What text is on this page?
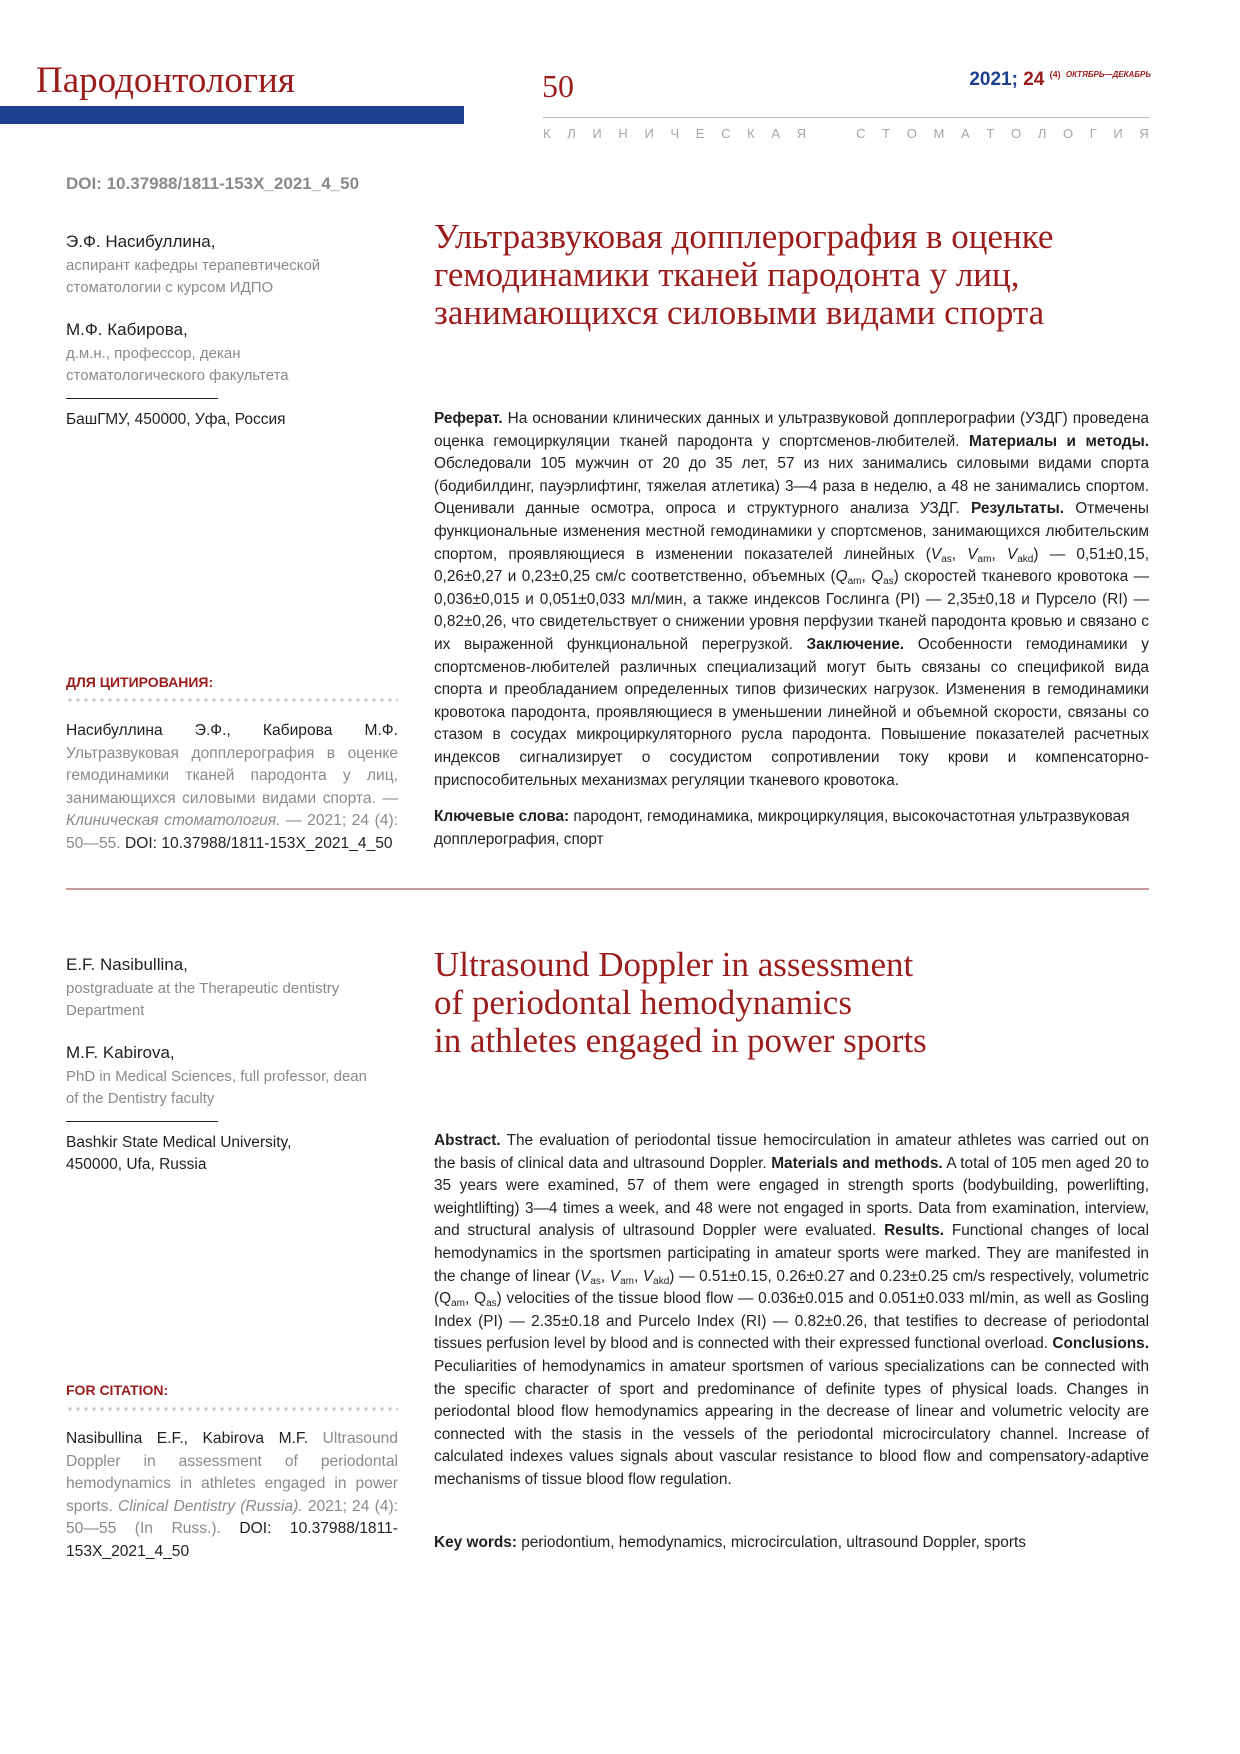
Пародонтология	50	2021; 24 $^{(4)}$ $^{ОКТЯБРЬ—ДЕКАБРЬ}$
К Л И Н И Ч Е С К А Я	С Т О М А Т О Л О Г И Я
DOI: 10.37988/1811-153X_2021_4_50
Э.Ф. Насибуллина,
аспирант кафедры терапевтической
стоматологии с курсом ИДПО
М.Ф. Кабирова,
д.м.н., профессор, декан
стоматологического факультета
БашГМУ, 450000, Уфа, Россия
Ультразвуковая допплерография в оценке
гемодинамики тканей пародонта у лиц,
занимающихся силовыми видами спорта
Реферат. На основании клинических данных и ультразвуковой допплерографии (УЗДГ) проведена оценка гемоциркуляции тканей пародонта у спортсменов-любителей. Материалы и методы. Обследовали 105 мужчин от 20 до 35 лет, 57 из них занимались силовыми видами спорта (бодибилдинг, пауэрлифтинг, тяжелая атлетика) 3—4 раза в неделю, а 48 не занимались спортом. Оценивали данные осмотра, опроса и структурного анализа УЗДГ. Результаты. Отмечены функциональные изменения местной гемодинамики у спортсменов, занимающихся любительским спортом, проявляющиеся в изменении показателей линейных ($V_{as}$, $V_{am}$, $V_{akd}$) — 0,51±0,15, 0,26±0,27 и 0,23±0,25 см/с соответственно, объемных ($Q_{am}$, $Q_{as}$) скоростей тканевого кровотока — 0,036±0,015 и 0,051±0,033 мл/мин, а также индексов Гослинга (PI) — 2,35±0,18 и Пурсело (RI) — 0,82±0,26, что свидетельствует о снижении уровня перфузии тканей пародонта кровью и связано с их выраженной функциональной перегрузкой. Заключение. Особенности гемодинамики у спортсменов-любителей различных специализаций могут быть связаны со спецификой вида спорта и преобладанием определенных типов физических нагрузок. Изменения в гемодинамики кровотока пародонта, проявляющиеся в уменьшении линейной и объемной скорости, связаны со стазом в сосудах микроциркуляторного русла пародонта. Повышение показателей расчетных индексов сигнализирует о сосудистом сопротивлении току крови и компенсаторно-приспособительных механизмах регуляции тканевого кровотока.
Ключевые слова: пародонт, гемодинамика, микроциркуляция, высокочастотная ультразвуковая допплерография, спорт
ДЛЯ ЦИТИРОВАНИЯ:
Насибуллина Э.Ф., Кабирова М.Ф. Ультразвуковая допплерография в оценке гемодинамики тканей пародонта у лиц, занимающихся силовыми видами спорта. — Клиническая стоматология. — 2021; 24 (4): 50—55. DOI: 10.37988/1811-153X_2021_4_50
E.F. Nasibullina,
postgraduate at the Therapeutic dentistry
Department
M.F. Kabirova,
PhD in Medical Sciences, full professor, dean
of the Dentistry faculty
Bashkir State Medical University,
450000, Ufa, Russia
Ultrasound Doppler in assessment
of periodontal hemodynamics
in athletes engaged in power sports
Abstract. The evaluation of periodontal tissue hemocirculation in amateur athletes was carried out on the basis of clinical data and ultrasound Doppler. Materials and methods. A total of 105 men aged 20 to 35 years were examined, 57 of them were engaged in strength sports (bodybuilding, powerlifting, weightlifting) 3—4 times a week, and 48 were not engaged in sports. Data from examination, interview, and structural analysis of ultrasound Doppler were evaluated. Results. Functional changes of local hemodynamics in the sportsmen participating in amateur sports were marked. They are manifested in the change of linear ($V_{as}$, $V_{am}$, $V_{akd}$) — 0.51±0.15, 0.26±0.27 and 0.23±0.25 cm/s respectively, volumetric ($Q_{am}$, $Q_{as}$) velocities of the tissue blood flow — 0.036±0.015 and 0.051±0.033 ml/min, as well as Gosling Index (PI) — 2.35±0.18 and Purcelo Index (RI) — 0.82±0.26, that testifies to decrease of periodontal tissues perfusion level by blood and is connected with their expressed functional overload. Conclusions. Peculiarities of hemodynamics in amateur sportsmen of various specializations can be connected with the specific character of sport and predominance of definite types of physical loads. Changes in periodontal blood flow hemodynamics appearing in the decrease of linear and volumetric velocity are connected with the stasis in the vessels of the periodontal microcirculatory channel. Increase of calculated indexes values signals about vascular resistance to blood flow and compensatory-adaptive mechanisms of tissue blood flow regulation.
Key words: periodontium, hemodynamics, microcirculation, ultrasound Doppler, sports
FOR CITATION:
Nasibullina E.F., Kabirova M.F. Ultrasound Doppler in assessment of periodontal hemodynamics in athletes engaged in power sports. Clinical Dentistry (Russia). 2021; 24 (4): 50—55 (In Russ.). DOI: 10.37988/1811-153X_2021_4_50
